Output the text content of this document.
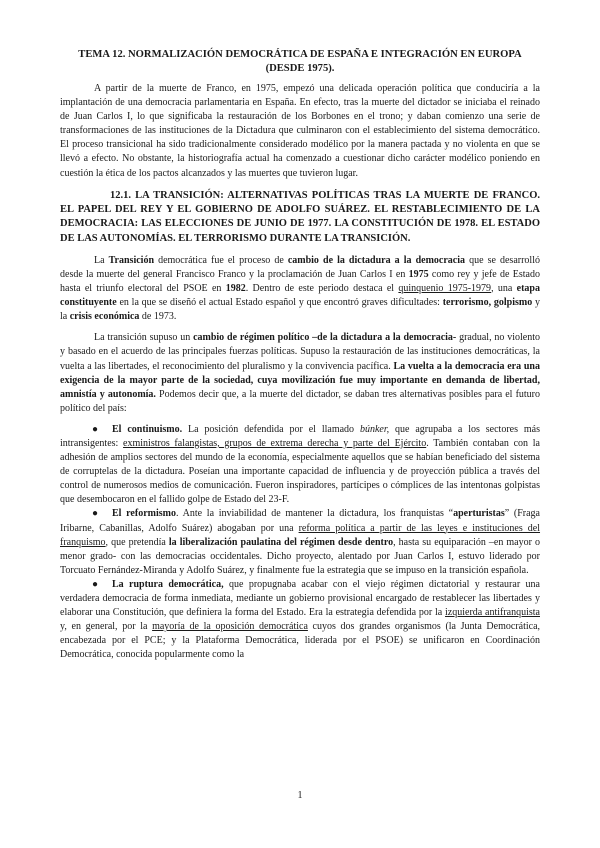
TEMA 12. NORMALIZACIÓN DEMOCRÁTICA DE ESPAÑA E INTEGRACIÓN EN EUROPA (DESDE 1975).

A partir de la muerte de Franco, en 1975, empezó una delicada operación política que conduciría a la implantación de una democracia parlamentaria en España. En efecto, tras la muerte del dictador se iniciaba el reinado de Juan Carlos I, lo que significaba la restauración de los Borbones en el trono; y daban comienzo una serie de transformaciones de las instituciones de la Dictadura que culminaron con el establecimiento del sistema democrático. El proceso transicional ha sido tradicionalmente considerado modélico por la manera pactada y no violenta en que se llevó a efecto. No obstante, la historiografía actual ha comenzado a cuestionar dicho carácter modélico poniendo en cuestión la ética de los pactos alcanzados y las muertes que tuvieron lugar.

12.1. LA TRANSICIÓN: ALTERNATIVAS POLÍTICAS TRAS LA MUERTE DE FRANCO. EL PAPEL DEL REY Y EL GOBIERNO DE ADOLFO SUÁREZ. EL RESTABLECIMIENTO DE LA DEMOCRACIA: LAS ELECCIONES DE JUNIO DE 1977. LA CONSTITUCIÓN DE 1978. EL ESTADO DE LAS AUTONOMÍAS. EL TERRORISMO DURANTE LA TRANSICIÓN.

La Transición democrática fue el proceso de cambio de la dictadura a la democracia que se desarrolló desde la muerte del general Francisco Franco y la proclamación de Juan Carlos I en 1975 como rey y jefe de Estado hasta el triunfo electoral del PSOE en 1982. Dentro de este periodo destaca el quinquenio 1975-1979, una etapa constituyente en la que se diseñó el actual Estado español y que encontró graves dificultades: terrorismo, golpismo y la crisis económica de 1973.

La transición supuso un cambio de régimen político –de la dictadura a la democracia- gradual, no violento y basado en el acuerdo de las principales fuerzas políticas. Supuso la restauración de las instituciones democráticas, la vuelta a las libertades, el reconocimiento del pluralismo y la convivencia pacífica. La vuelta a la democracia era una exigencia de la mayor parte de la sociedad, cuya movilización fue muy importante en demanda de libertad, amnistía y autonomía. Podemos decir que, a la muerte del dictador, se daban tres alternativas posibles para el futuro político del país:

● El continuismo. La posición defendida por el llamado búnker, que agrupaba a los sectores más intransigentes: exministros falangistas, grupos de extrema derecha y parte del Ejército. También contaban con la adhesión de amplios sectores del mundo de la economía, especialmente aquellos que se habían beneficiado del sistema de corruptelas de la dictadura. Poseían una importante capacidad de influencia y de proyección pública a través del control de numerosos medios de comunicación. Fueron inspiradores, partícipes o cómplices de las intentonas golpistas que desembocaron en el fallido golpe de Estado del 23-F.

● El reformismo. Ante la inviabilidad de mantener la dictadura, los franquistas “aperturistas” (Fraga Iribarne, Cabanillas, Adolfo Suárez) abogaban por una reforma política a partir de las leyes e instituciones del franquismo, que pretendía la liberalización paulatina del régimen desde dentro, hasta su equiparación –en mayor o menor grado- con las democracias occidentales. Dicho proyecto, alentado por Juan Carlos I, estuvo liderado por Torcuato Fernández-Miranda y Adolfo Suárez, y finalmente fue la estrategia que se impuso en la transición española.

● La ruptura democrática, que propugnaba acabar con el viejo régimen dictatorial y restaurar una verdadera democracia de forma inmediata, mediante un gobierno provisional encargado de restablecer las libertades y elaborar una Constitución, que definiera la forma del Estado. Era la estrategia defendida por la izquierda antifranquista y, en general, por la mayoría de la oposición democrática cuyos dos grandes organismos (la Junta Democrática, encabezada por el PCE; y la Plataforma Democrática, liderada por el PSOE) se unificaron en Coordinación Democrática, conocida popularmente como la

1
